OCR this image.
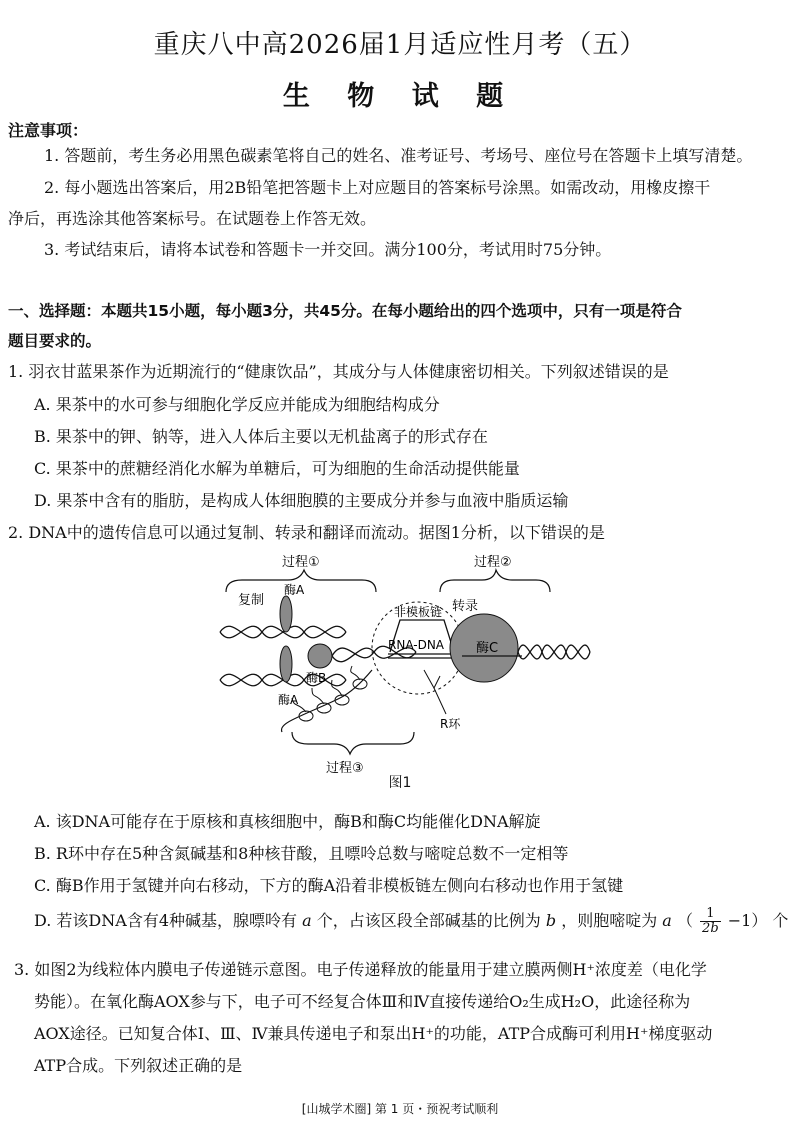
重庆八中高2026届1月适应性月考（五）
生 物 试 题
注意事项：
1. 答题前，考生务必用黑色碳素笔将自己的姓名、准考证号、考场号、座位号在答题卡上填写清楚。
2. 每小题选出答案后，用2B铅笔把答题卡上对应题目的答案标号涂黑。如需改动，用橡皮擦干
净后，再选涂其他答案标号。在试题卷上作答无效。
3. 考试结束后，请将本试卷和答题卡一并交回。满分100分，考试用时75分钟。
一、选择题：本题共15小题，每小题3分，共45分。在每小题给出的四个选项中，只有一项是符合
题目要求的。
1. 羽衣甘蓝果茶作为近期流行的“健康饮品”，其成分与人体健康密切相关。下列叙述错误的是
A. 果茶中的水可参与细胞化学反应并能成为细胞结构成分
B. 果茶中的钾、钠等，进入人体后主要以无机盐离子的形式存在
C. 果茶中的蔗糖经消化水解为单糖后，可为细胞的生命活动提供能量
D. 果茶中含有的脂肪，是构成人体细胞膜的主要成分并参与血液中脂质运输
2. DNA中的遗传信息可以通过复制、转录和翻译而流动。据图1分析，以下错误的是
过程①	过程②
复制	转录
酶A
酶A
酶B
非模板链
RNA-DNA 酶C
R环
过程③
图1
A. 该DNA可能存在于原核和真核细胞中，酶B和酶C均能催化DNA解旋
B. R环中存在5种含氮碱基和8种核苷酸，且嘌呤总数与嘧啶总数不一定相等
C. 酶B作用于氢键并向右移动，下方的酶A沿着非模板链左侧向右移动也作用于氢键
D. 若该DNA含有4种碱基，腺嘌呤有 a 个，占该区段全部碱基的比例为 b ，则胞嘧啶为 a （ $\frac{1}{2b} -1$） 个
3. 如图2为线粒体内膜电子传递链示意图。电子传递释放的能量用于建立膜两侧H⁺浓度差（电化学
势能）。在氧化酶AOX参与下，电子可不经复合体Ⅲ和Ⅳ直接传递给O₂生成H₂O，此途径称为
AOX途径。已知复合体Ⅰ、Ⅲ、Ⅳ兼具传递电子和泵出H⁺的功能，ATP合成酶可利用H⁺梯度驱动
ATP合成。下列叙述正确的是
[山城学术圈] 第 1 页・预祝考试顺利
